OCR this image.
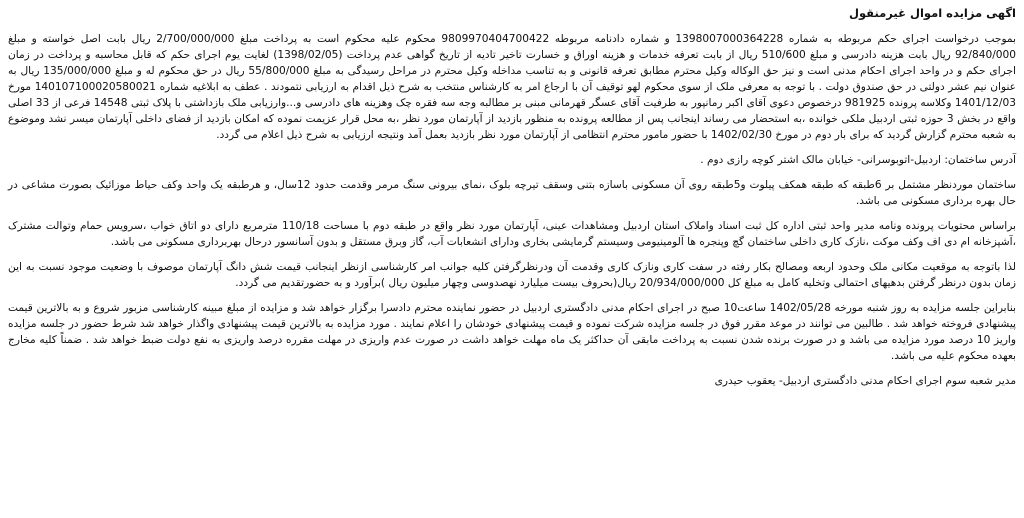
اگهی مزایده اموال غیرمنقول

بموجب درخواست اجرای حکم مربوطه به شماره 1398007000364228 و شماره دادنامه مربوطه 9809970404700422 محکوم علیه محکوم است به پرداخت مبلغ 2/700/000/000 ریال بابت اصل خواسته و مبلغ 92/840/000 ریال بابت هزینه دادرسی و مبلغ 510/600 ریال از بابت تعرفه خدمات و هزینه اوراق و خسارت تاخیر تادیه از تاریخ گواهی عدم پرداخت (1398/02/05) لغایت یوم اجرای حکم که قابل محاسبه و پرداخت در زمان اجرای حکم و در واحد اجرای احکام مدنی است و نیز حق الوکاله وکیل محترم مطابق تعرفه قانونی و به تناسب مداخله وکیل محترم در مراحل رسیدگی به مبلغ 55/800/000 ریال در حق محکوم له و مبلغ 135/000/000 ریال به عنوان نیم عشر دولتی در حق صندوق دولت . با توجه به معرفی ملک از سوی محکوم لهو توقیف آن با ارجاع امر به کارشناس منتخب به شرح ذیل اقدام به ارزیابی نتمودند . عطف به ابلاغیه شماره 140107100020580021 مورخ 1401/12/03 وکلاسه پرونده 981925 درخصوص دعوی آقای اکبر رمانپور به طرفیت آقای عسگر قهرمانی مبنی بر مطالبه وجه سه فقره چک وهزینه های دادرسی و...وارزیابی ملک بازداشتی با پلاک ثبتی 14548 فرعی از 33 اصلی واقع در بخش 3 حوزه ثبتی اردبیل ملکی خوانده ،به استحضار می رساند اینجانب پس از مطالعه پرونده به منظور بازدید از آپارتمان مورد نظر ،به محل قرار عزیمت نموده که امکان بازدید از فضای داخلی آپارتمان میسر نشد وموضوع به شعبه محترم گزارش گردید که برای بار دوم در مورخ 1402/02/30 با حضور مامور محترم انتظامی از آپارتمان مورد نظر بازدید بعمل آمد ونتیجه ارزیابی به شرح ذیل اعلام می گردد.

آدرس ساختمان: اردبیل-اتوبوسرانی- خیابان مالک اشتر کوچه رازی دوم .

ساختمان موردنظر مشتمل بر 6طبقه که طبقه همکف پیلوت و5طبقه روی آن مسکونی باسازه بتنی وسقف تیرچه بلوک ،نمای بیرونی سنگ مرمر وقدمت حدود 12سال، و هرطبقه یک واحد وکف حیاط موزائیک بصورت مشاعی در حال بهره برداری مسکونی می باشد.

براساس محتویات پرونده ونامه مدیر واحد ثبتی اداره کل ثبت اسناد واملاک استان اردبیل ومشاهدات عینی، آپارتمان مورد نظر واقع در طبقه دوم با مساحت 110/18 مترمربع دارای دو اتاق خواب ،سرویس حمام وتوالت مشترک ،آشپزخانه ام دی اف وکف موکت ،نازک کاری داخلی ساختمان گچ وپنجره ها آلومینیومی وسیستم گرمایشی بخاری ودارای انشعابات آب، گاز وبرق مستقل و بدون آسانسور درحال بهربرداری مسکونی می باشد.

لذا باتوجه به موقعیت مکانی ملک وحدود اربعه ومصالح بکار رفته در سفت کاری ونازک کاری وقدمت آن ودرنظرگرفتن کلیه جوانب امر کارشناسی ازنظر اینجانب قیمت شش دانگ آپارتمان موصوف با وضعیت موجود نسبت به این زمان بدون درنظر گرفتن بدهیهای احتمالی وتخلیه کامل به مبلغ کل 20/934/000/000 ریال(بحروف بیست میلیارد نهصدوسی وچهار میلیون ریال )برآورد و به حضورتقدیم می گردد.

بنابراین جلسه مزایده به روز شنبه مورخه 1402/05/28 ساعت10 صبح در اجرای احکام مدنی دادگستری اردبیل در حضور نماینده محترم دادسرا برگزار خواهد شد و مزایده از مبلغ مبینه کارشناسی مزبور شروع و به بالاترین قیمت پیشنهادی فروخته خواهد شد . طالبین می توانند در موعد مقرر فوق در جلسه مزایده شرکت نموده و قیمت پیشنهادی خودشان را اعلام نمایند . مورد مزایده به بالاترین قیمت پیشنهادی واگذار خواهد شد شرط حضور در جلسه مزایده واریز 10 درصد مورد مزایده می باشد و در صورت برنده شدن نسبت به پرداخت مابقی آن حداکثر یک ماه مهلت خواهد داشت در صورت عدم واریزی در مهلت مقرره درصد واریزی به نفع دولت ضبط خواهد شد . ضمناً کلیه مخارج بعهده محکوم علیه می باشد.

مدیر شعبه سوم اجرای احکام مدنی دادگستری اردبیل- یعقوب حیدری
